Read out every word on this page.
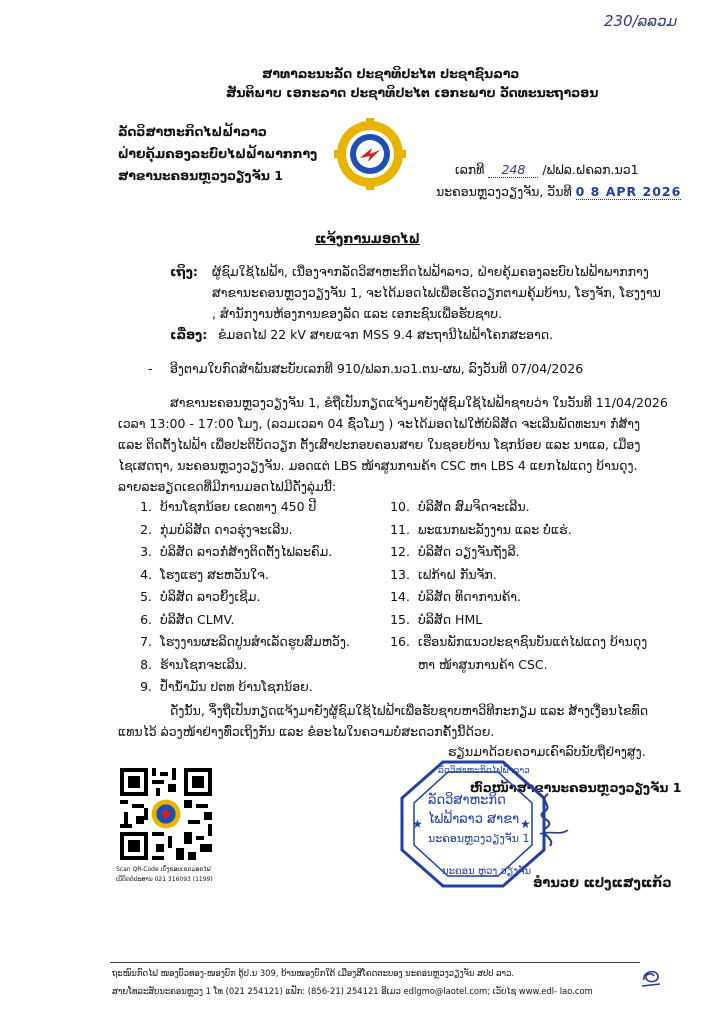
230/ລລວມ
ສາທາລະນະລັດ ປະຊາທິປະໄຕ ປະຊາຊົນລາວ
ສັນຕິພາບ ເອກະລາດ ປະຊາທິປະໄຕ ເອກະພາບ ວັດທະນະຖາວອນ
ລັດວິສາຫະກິດໄຟຟ້າລາວ
ຝ່າຍຄຸ້ມຄອງລະບົບໄຟຟ້າພາກກາງ
ສາຂານະຄອນຫຼວງວຽງຈັນ 1	ເລກທີ 248 /ຟຟລ.ຝຄລກ.ນວ1
ນະຄອນຫຼວງວຽງຈັນ, ວັນທີ 0 8 APR 2026
ແຈ້ງການມອດໄຟ
ເຖິງ: ຜູ້ຊົມໃຊ້ໄຟຟ້າ, ເນື່ອງຈາກລັດວິສາຫະກິດໄຟຟ້າລາວ, ຝ່າຍຄຸ້ມຄອງລະບົບໄຟຟ້າພາກກາງ
ສາຂານະຄອນຫຼວງວຽງຈັນ 1, ຈະໄດ້ມອດໄຟເພື່ອເຮັດວຽກຕາມຄຸ້ມບ້ານ, ໂຮງຈັກ, ໂຮງງານ
, ສໍານັກງານຫ້ອງການຂອງລັດ ແລະ ເອກະຊົນເພື່ອຮັບຊາບ.
ເລື່ອງ: ຂໍມອດໄຟ 22 kV ສາຍແຈກ MSS 9.4 ສະຖານີໄຟຟ້າໂຄກສະອາດ.
- ອີງຕາມໃບກົດສໍາພັນສະບັບເລກທີ 910/ຟລກ.ນວ1.ຕນ-ຜພ, ລົງວັນທີ 07/04/2026
ສາຂານະຄອນຫຼວງວຽງຈັນ 1, ຂໍຖືເປັນກຽດແຈ້ງມາຍັງຜູ້ຊົມໃຊ້ໄຟຟ້າຊາບວ່າ ໃນວັນທີ 11/04/2026
ເວລາ 13:00 - 17:00 ໂມງ, (ລວມເວລາ 04 ຊົ່ວໂມງ ) ຈະໄດ້ມອດໄຟໃຫ້ບໍລິສັດ ຈະເລີນພັດທະນາ ກໍ່ສ້າງ
ແລະ ຕິດຕັ້ງໄຟຟ້າ ເພື່ອປະຕິບັດວຽກ ຕັ້ງເສົາປະກອບຄອນສາຍ ໃນຊອຍບ້ານ ໂຊກນ້ອຍ ແລະ ນາແລ, ເມືອງ
ໄຊເສດຖາ, ນະຄອນຫຼວງວຽງຈັນ. ມອດແຕ່ LBS ໜ້າສູນການຄ້າ CSC ຫາ LBS 4 ແຍກໄຟແດງ ບ້ານດຸງ.
ລາຍລະອຽດເຂດທີ່ມີການມອດໄຟມີດັ່ງລຸ່ມນີ້:
1. ບ້ານໂຊກນ້ອຍ ເຂດທາງ 450 ປີ
2. ກຸ່ມບໍລິສັດ ດາວຮຸ່ງຈະເລີນ.
3. ບໍລິສັດ ລາວກໍ່ສ້າງຕິດຕັ້ງໄຟລະຄົມ.
4. ໂຮງແຮງ ສະຫວັນໃຈ.
5. ບໍລິສັດ ລາວຍິ້ງເຊີມ.
6. ບໍລິສັດ CLMV.
7. ໂຮງງານຜະລິດປູນສໍາເລັດຮູບສົມຫວັງ.
8. ຮ້ານໂຊກຈະເລີນ.
9. ປໍ້ານໍ້າມັນ ປຕທ ບ້ານໂຊກນ້ອຍ.
10. ບໍລິສັດ ສົມຈິດຈະເລີນ.
11. ພະແນກພະລັງງານ ແລະ ບໍ່ແຮ່.
12. ບໍລິສັດ ວຽງຈັນຖັ່ງລີ.
13. ເຟກ້າຝ ກັນຈັກ.
14. ບໍລິສັດ ທິດາການຄ້າ.
15. ບໍລິສັດ HML
16. ເຮືອນພັກແນວປະຊາຊົນບັນແຕ່ໄຟແດງ ບ້ານດຸງ
ຫາ ໜ້າສູນການຄ້າ CSC.
ດັ່ງນັ້ນ, ຈຶ່ງຖືເປັນກຽດແຈ້ງມາຍັງຜູ້ຊົມໃຊ້ໄຟຟ້າເພື່ອຮັບຊາບຫາວິທີກະກຽມ ແລະ ສ້າງເງື່ອນໄຂທົດ
ແທນໄວ້ ລ່ວງໜ້າຢ່າງທົ່ວເຖິງກັນ ແລະ ຂໍອະໄພໃນຄວາມບໍ່ສະດວກຄັ້ງນີ້ດ້ວຍ.
ຮຽນມາດ້ວຍຄວາມເຄົາລົບນັບຖືຢ່າງສູງ.
ຫົວໜ້າສາຂານະຄອນຫຼວງວຽງຈັນ 1
★	★
ລັດວິສາຫະກິດໄຟຟ້າລາວ
ລັດວິສາຫະກິດ
ໄຟຟ້າລາວ ສາຂາ
ນະຄອນຫຼວງວຽງຈັນ 1
ນະຄອນ ຫຼວງ ວຽງຈັນ
ອໍານວຍ ແປງແສງແກ້ວ
Scan QR-Code ເບິ່ງຂອບເຂດມອດໄຟ
ເບີຕິດຕໍ່ປະສານ 021 316093 (1199)
ຖະໜົນກົດໄຟ ໜອງບົວທອງ-ໜອງບົກ ຕູ້ປ.ນ 309, ບ້ານໜອງບົກໃຕ້ ເມືອງສີໂຄດຕະບອງ ນະຄອນຫຼວງວຽງຈັນ ສປປ ລາວ.
ສາຍໂທລະສັບນະຄອນຫຼວງ 1 ໂທ (021 254121) ແຟັກ: (856-21) 254121 ອີເມວ edlgmo@laotel.com; ເວັບໄຊ www.edl- lao.com
